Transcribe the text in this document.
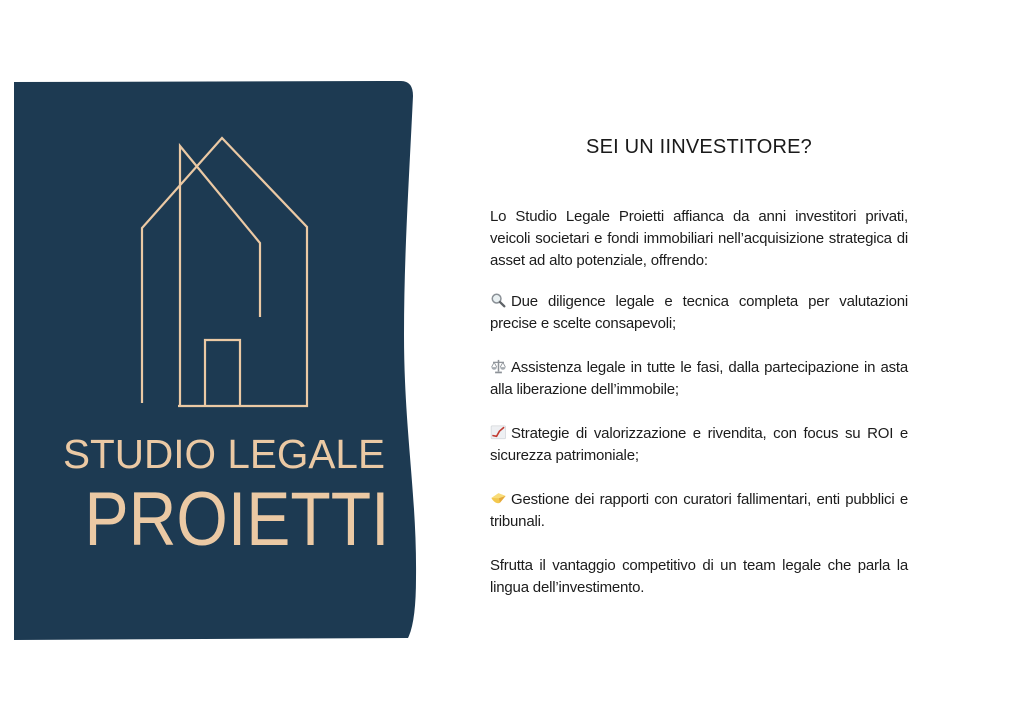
STUDIO LEGALE
PROIETTI
SEI UN IINVESTITORE?
Lo Studio Legale Proietti affianca da anni investitori privati, veicoli societari e fondi immobiliari nell’acquisizione strategica di asset ad alto potenziale, offrendo:
Due diligence legale e tecnica completa per valutazioni precise e scelte consapevoli;
Assistenza legale in tutte le fasi, dalla partecipazione in asta alla liberazione dell’immobile;
Strategie di valorizzazione e rivendita, con focus su ROI e sicurezza patrimoniale;
Gestione dei rapporti con curatori fallimentari, enti pubblici e tribunali.
Sfrutta il vantaggio competitivo di un team legale che parla la lingua dell’investimento.
